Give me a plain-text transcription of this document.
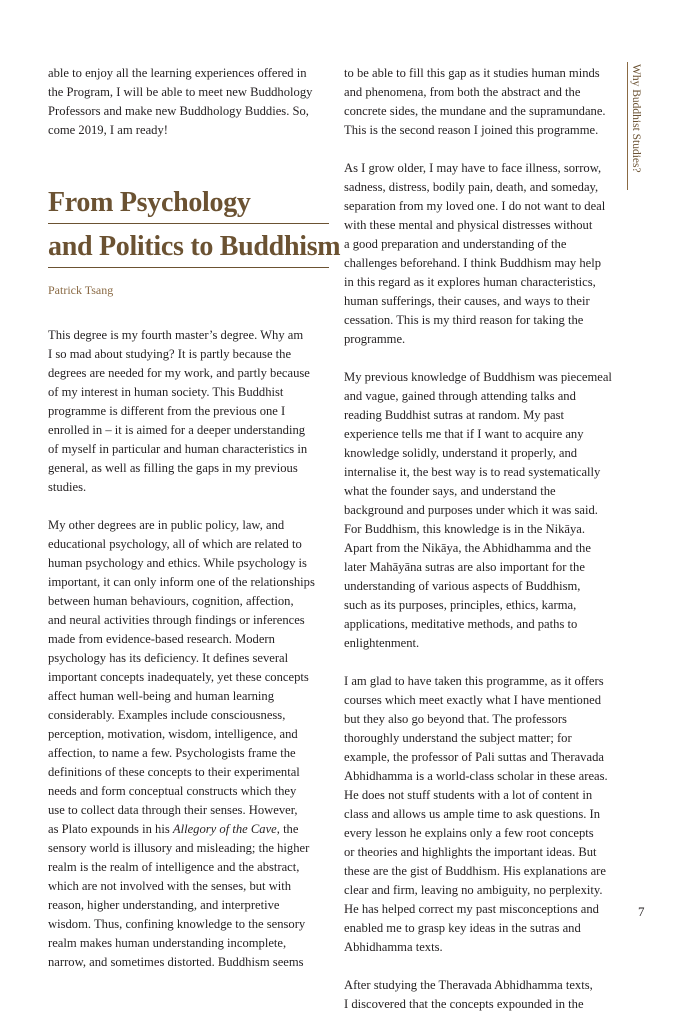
able to enjoy all the learning experiences offered in

the Program, I will be able to meet new Buddhology

Professors and make new Buddhology Buddies. So,

come 2019, I am ready!

From Psychology
and Politics to Buddhism
Patrick Tsang

This degree is my fourth master’s degree. Why am

I so mad about studying? It is partly because the

degrees are needed for my work, and partly because

of my interest in human society. This Buddhist

programme is different from the previous one I

enrolled in – it is aimed for a deeper understanding

of myself in particular and human characteristics in

general, as well as filling the gaps in my previous

studies.

My other degrees are in public policy, law, and

educational psychology, all of which are related to

human psychology and ethics. While psychology is

important, it can only inform one of the relationships

between human behaviours, cognition, affection,

and neural activities through findings or inferences

made from evidence-based research. Modern

psychology has its deficiency. It defines several

important concepts inadequately, yet these concepts

affect human well-being and human learning

considerably. Examples include consciousness,

perception, motivation, wisdom, intelligence, and

affection, to name a few. Psychologists frame the

definitions of these concepts to their experimental

needs and form conceptual constructs which they

use to collect data through their senses. However,

as Plato expounds in his Allegory of the Cave, the

sensory world is illusory and misleading; the higher

realm is the realm of intelligence and the abstract,

which are not involved with the senses, but with

reason, higher understanding, and interpretive

wisdom. Thus, confining knowledge to the sensory

realm makes human understanding incomplete,

narrow, and sometimes distorted. Buddhism seems

to be able to fill this gap as it studies human minds

and phenomena, from both the abstract and the

concrete sides, the mundane and the supramundane.

This is the second reason I joined this programme.

As I grow older, I may have to face illness, sorrow,

sadness, distress, bodily pain, death, and someday,

separation from my loved one. I do not want to deal

with these mental and physical distresses without

a good preparation and understanding of the

challenges beforehand. I think Buddhism may help

in this regard as it explores human characteristics,

human sufferings, their causes, and ways to their

cessation. This is my third reason for taking the

programme.

My previous knowledge of Buddhism was piecemeal

and vague, gained through attending talks and

reading Buddhist sutras at random. My past

experience tells me that if I want to acquire any

knowledge solidly, understand it properly, and

internalise it, the best way is to read systematically

what the founder says, and understand the

background and purposes under which it was said.

For Buddhism, this knowledge is in the Nikāya.

Apart from the Nikāya, the Abhidhamma and the

later Mahāyāna sutras are also important for the

understanding of various aspects of Buddhism,

such as its purposes, principles, ethics, karma,

applications, meditative methods, and paths to

enlightenment.

I am glad to have taken this programme, as it offers

courses which meet exactly what I have mentioned

but they also go beyond that. The professors

thoroughly understand the subject matter; for

example, the professor of Pali suttas and Theravada

Abhidhamma is a world-class scholar in these areas.

He does not stuff students with a lot of content in

class and allows us ample time to ask questions. In

every lesson he explains only a few root concepts

or theories and highlights the important ideas. But

these are the gist of Buddhism. His explanations are

clear and firm, leaving no ambiguity, no perplexity.

He has helped correct my past misconceptions and

enabled me to grasp key ideas in the sutras and

Abhidhamma texts.

After studying the Theravada Abhidhamma texts,

I discovered that the concepts expounded in the

Why Buddhist Studies?
7
